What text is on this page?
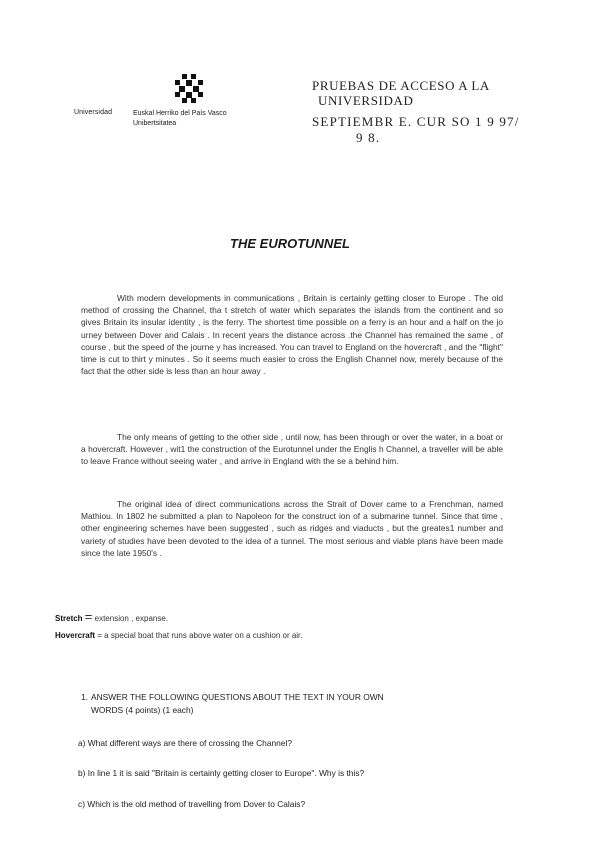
Universidad	Euskal Herriko del País Vasco
Unibertsitatea
PRUEBAS DE ACCESO A LA
UNIVERSIDAD
SEPTIEMBR E. CUR SO 1 9 97/
9 8.
THE EUROTUNNEL
With modern developments in communications , Britain is certainly getting closer to Europe . The old method of crossing the Channel, tha t stretch of water which separates the islands from the continent and so gives Britain its insular identity , is the ferry. The shortest time possible on a ferry is an hour and a half on the jo urney between Dover and Calais . In recent years the distance across .the Channel has remained the same , of course , but the speed of the journe y has increased. You can travel to England on the hovercraft , and the "flight" time is cut to thirt y minutes . So it seems much easier to cross the English Channel now, merely because of the fact that the other side is less than an hour away .
The only means of getting to the other side , until now, has been through or over the water, in a boat or a hovercraft. However , wit1 the construction of the Eurotunnel under the Englis h Channel, a traveller will be able to leave France without seeing water , and arrive in England with the se a behind him.
The original idea of direct communications across the Strait of Dover came to a Frenchman, named Mathiou. In 1802 he submitted a plan to Napoleon for the construct ion of a submarine tunnel. Since that time , other engineering schemes have been suggested , such as ridges and viaducts , but the greates1 number and variety of studies have been devoted to the idea of a tunnel. The most serious and viable plans have been made since the late 1950's .
Stretch = extension , expanse.
Hovercraft = a special boat that runs above water on a cushion or air.
1. ANSWER THE FOLLOWING QUESTIONS ABOUT THE TEXT IN YOUR OWN
WORDS (4 points) (1 each)
a) What different ways are there of crossing the Channel?
b) In line 1 it is said "Britain is certainly getting closer to Europe". Why is this?
c) Which is the old method of travelling from Dover to Calais?
